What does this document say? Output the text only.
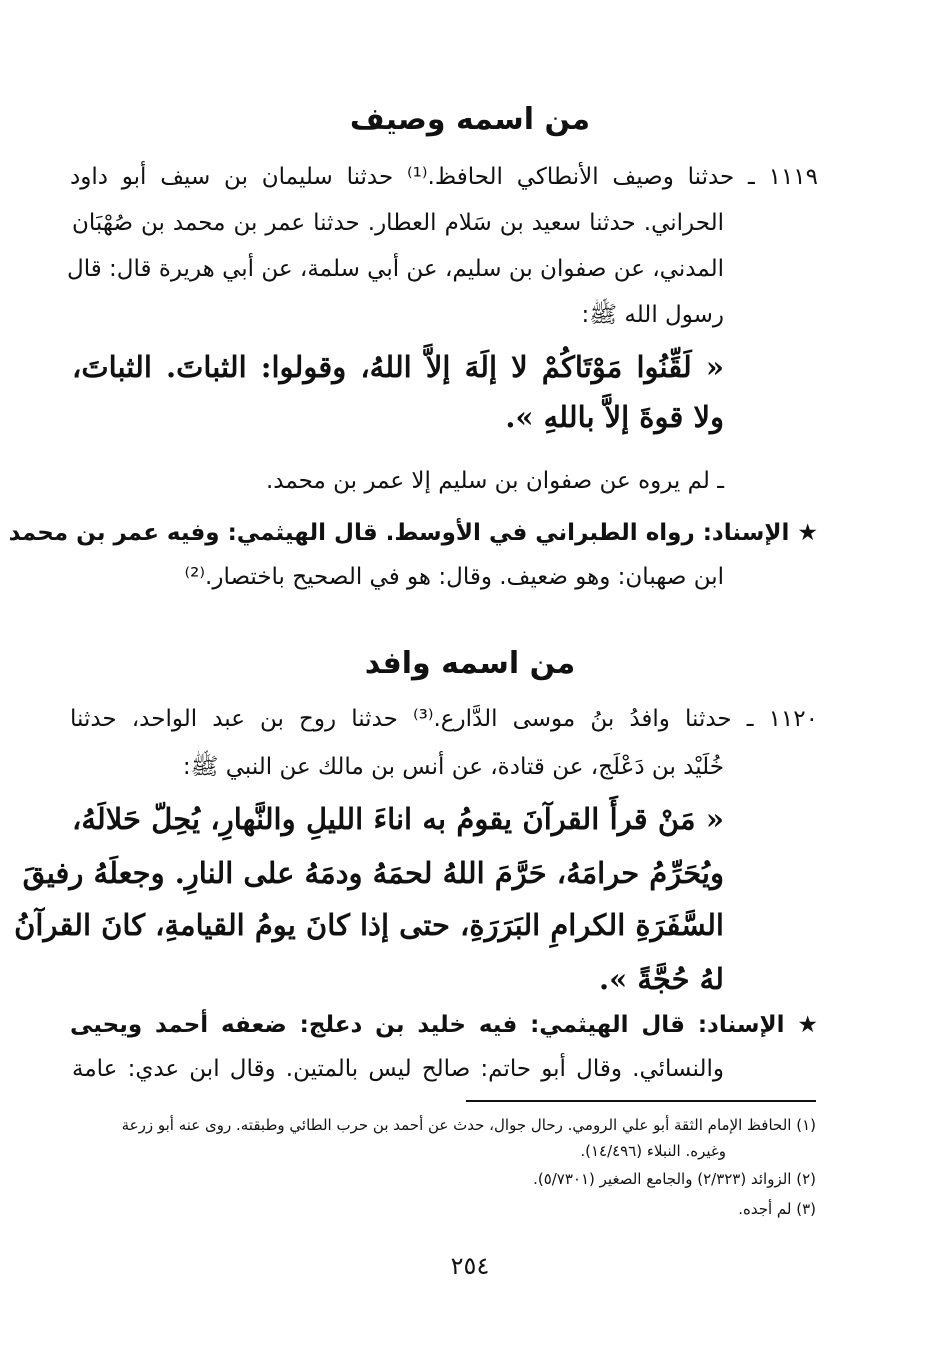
من اسمه وصيف
١١١٩ ـ حدثنا وصيف الأنطاكي الحافظ.⁽¹⁾ حدثنا سليمان بن سيف أبو داود
الحراني. حدثنا سعيد بن سَلام العطار. حدثنا عمر بن محمد بن صُهْبَان
المدني، عن صفوان بن سليم، عن أبي سلمة، عن أبي هريرة قال: قال
رسول الله ﷺ:
« لَقِّنُوا مَوْتَاكُمْ لا إلَهَ إلاَّ اللهُ، وقولوا: الثباتَ. الثباتَ،
ولا قوةَ إلاَّ باللهِ ».
ـ لم يروه عن صفوان بن سليم إلا عمر بن محمد.
★ الإسناد: رواه الطبراني في الأوسط. قال الهيثمي: وفيه عمر بن محمد
ابن صهبان: وهو ضعيف. وقال: هو في الصحيح باختصار.⁽²⁾
من اسمه وافد
١١٢٠ ـ حدثنا وافدُ بنُ موسى الدَّارع.⁽³⁾ حدثنا روح بن عبد الواحد، حدثنا
خُلَيْد بن دَعْلَج، عن قتادة، عن أنس بن مالك عن النبي ﷺ:
« مَنْ قرأَ القرآنَ يقومُ به اناءَ الليلِ والنَّهارِ، يُحِلّ حَلالَهُ،
ويُحَرِّمُ حرامَهُ، حَرَّمَ اللهُ لحمَهُ ودمَهُ على النارِ. وجعلَهُ رفيقَ
السَّفَرَةِ الكرامِ البَرَرَةِ، حتى إذا كانَ يومُ القيامةِ، كانَ القرآنُ
لهُ حُجَّةً ».
★ الإسناد: قال الهيثمي: فيه خليد بن دعلج: ضعفه أحمد ويحيى
والنسائي. وقال أبو حاتم: صالح ليس بالمتين. وقال ابن عدي: عامة
(١) الحافظ الإمام الثقة أبو علي الرومي. رحال جوال، حدث عن أحمد بن حرب الطائي وطبقته. روى عنه أبو زرعة
وغيره. النبلاء (١٤/٤٩٦).
(٢) الزوائد (٢/٣٢٣) والجامع الصغير (٥/٧٣٠١).
(٣) لم أجده.
٢٥٤
